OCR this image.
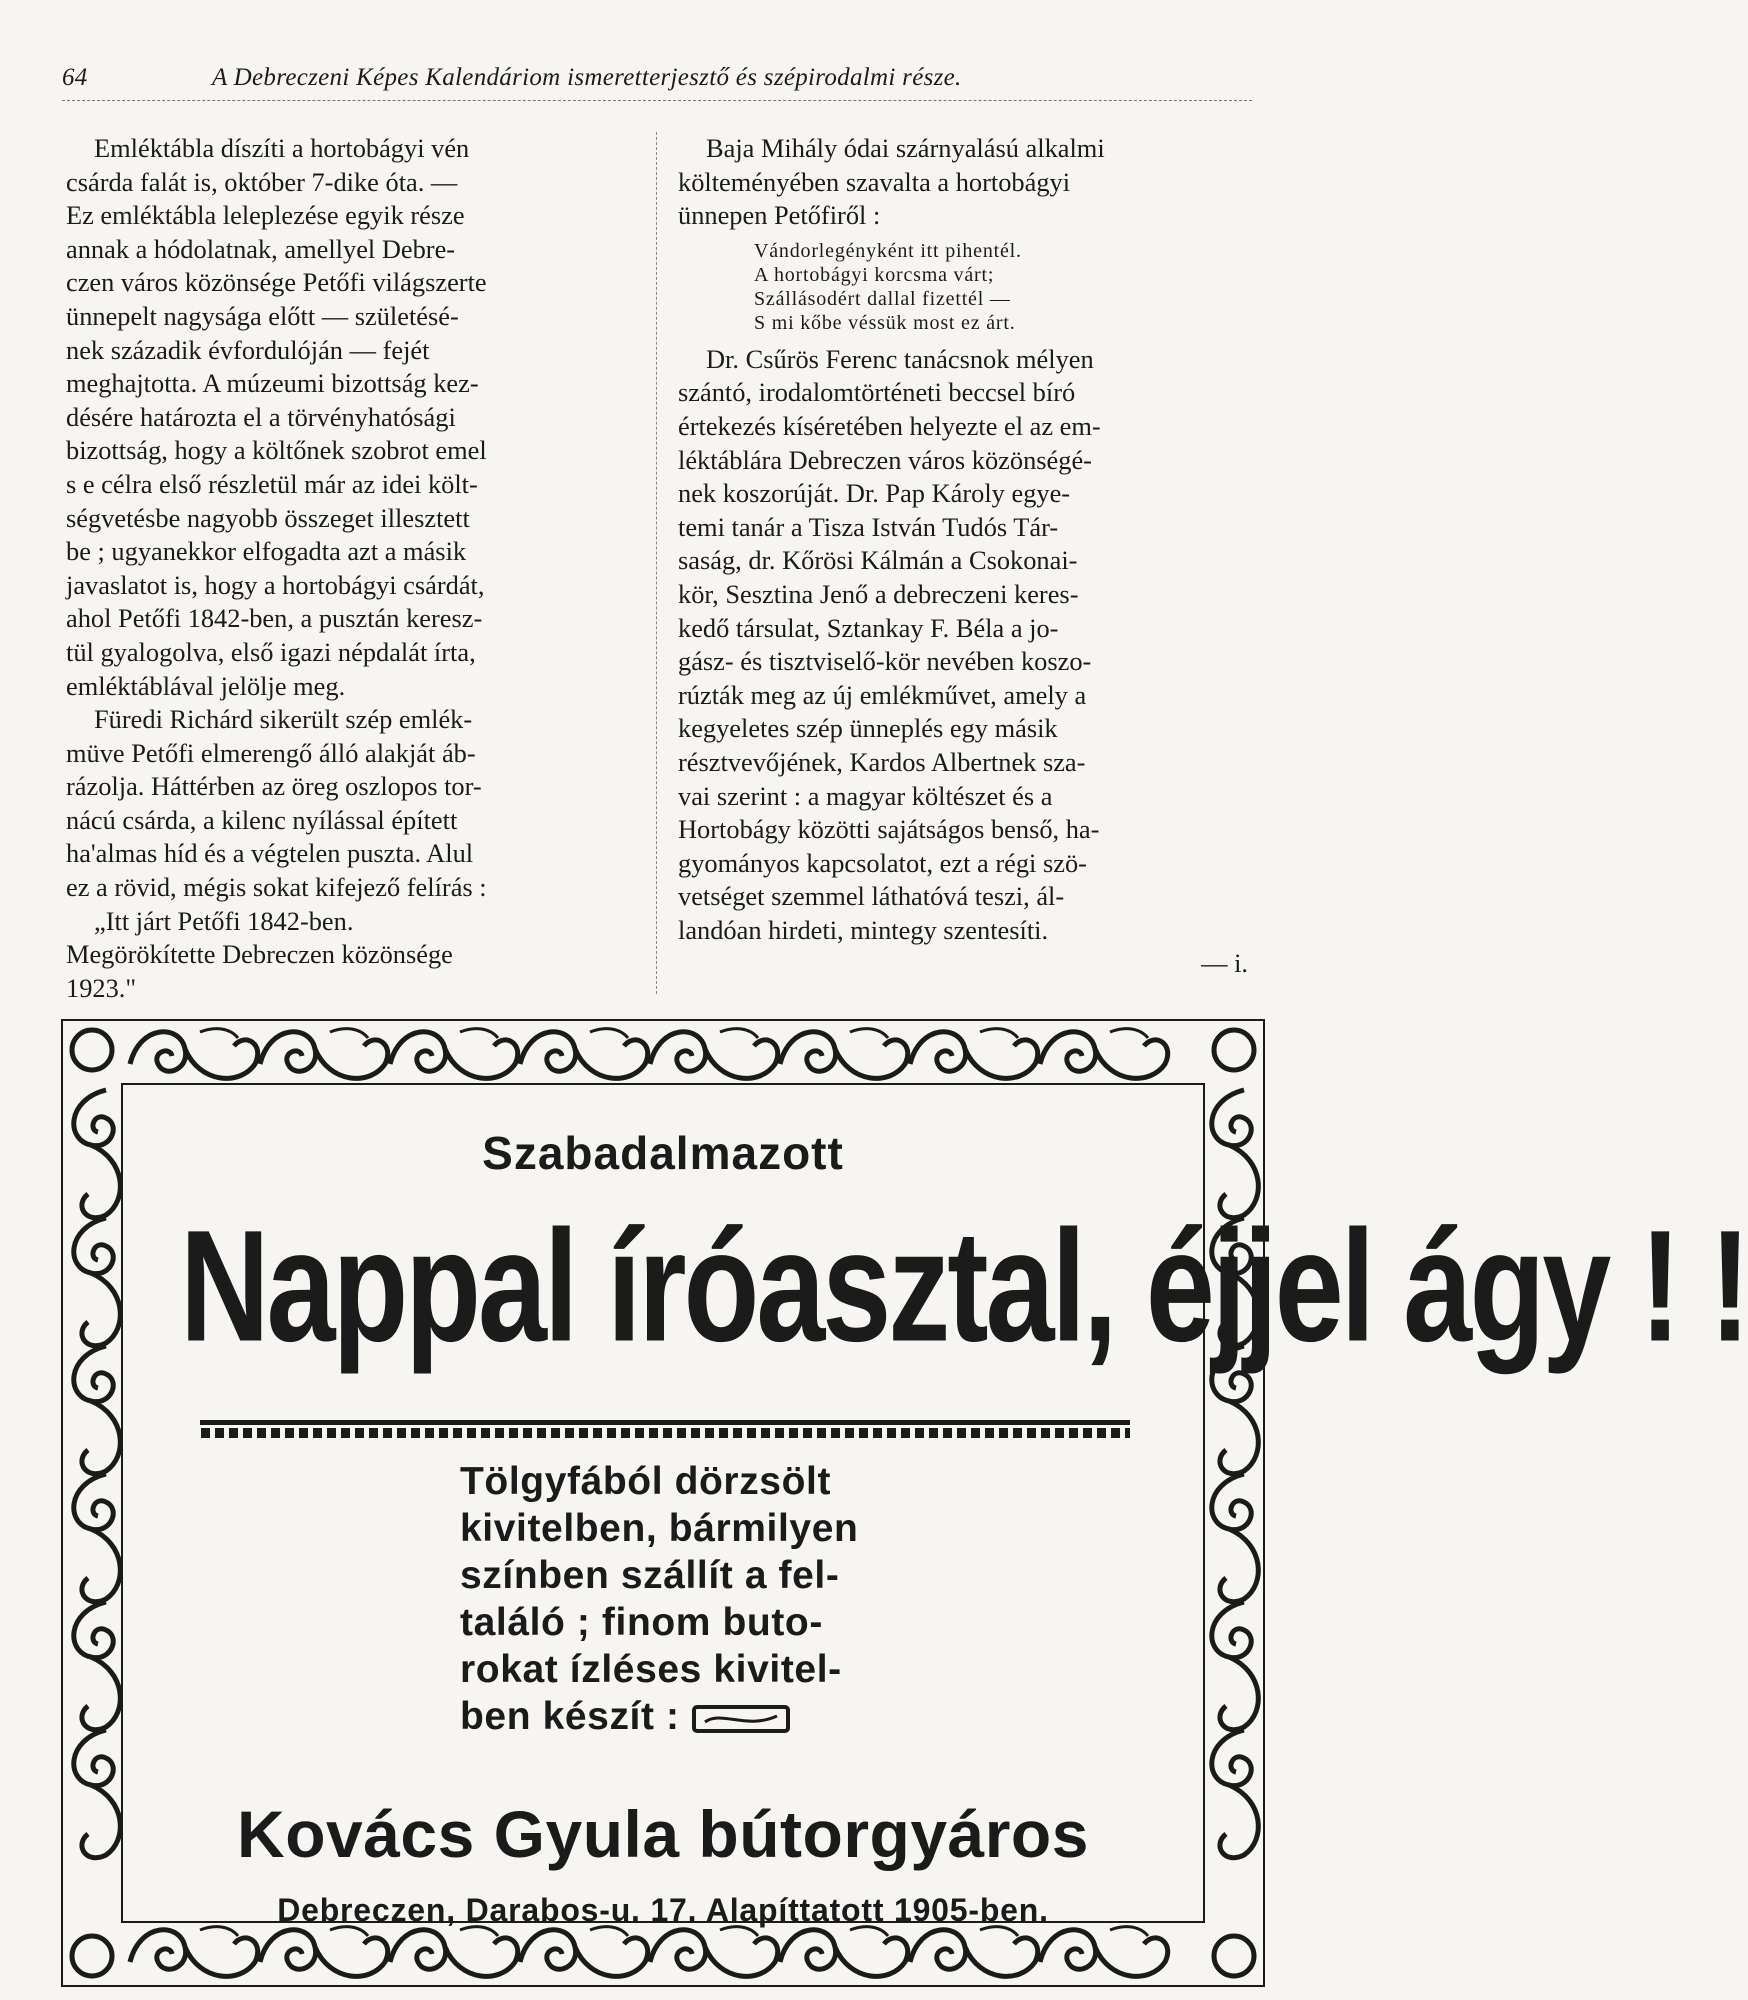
64	A Debreczeni Képes Kalendáriom ismeretterjesztő és szépirodalmi része.

Emléktábla díszíti a hortobágyi vén
csárda falát is, október 7-dike óta. —
Ez emléktábla leleplezése egyik része
annak a hódolatnak, amellyel Debre-
czen város közönsége Petőfi világszerte
ünnepelt nagysága előtt — születésé-
nek századik évfordulóján — fejét
meghajtotta. A múzeumi bizottság kez-
désére határozta el a törvényhatósági
bizottság, hogy a költőnek szobrot emel
s e célra első részletül már az idei költ-
ségvetésbe nagyobb összeget illesztett
be ; ugyanekkor elfogadta azt a másik
javaslatot is, hogy a hortobágyi csárdát,
ahol Petőfi 1842-ben, a pusztán keresz-
tül gyalogolva, első igazi népdalát írta,
emléktáblával jelölje meg.

Füredi Richárd sikerült szép emlék-
müve Petőfi elmerengő álló alakját áb-
rázolja. Háttérben az öreg oszlopos tor-
nácú csárda, a kilenc nyílással épített
ha'almas híd és a végtelen puszta. Alul
ez a rövid, mégis sokat kifejező felírás :
„Itt járt Petőfi 1842-ben.
Megörökítette Debreczen közönsége
1923."

Baja Mihály ódai szárnyalású alkalmi
költeményében szavalta a hortobágyi
ünnepen Petőfiről :

Vándorlegényként itt pihentél.
A hortobágyi korcsma várt;
Szállásodért dallal fizettél —
S mi kőbe véssük most ez árt.

Dr. Csűrös Ferenc tanácsnok mélyen
szántó, irodalomtörténeti beccsel bíró
értekezés kíséretében helyezte el az em-
léktáblára Debreczen város közönségé-
nek koszorúját. Dr. Pap Károly egye-
temi tanár a Tisza István Tudós Tár-
saság, dr. Kőrösi Kálmán a Csokonai-
kör, Sesztina Jenő a debreczeni keres-
kedő társulat, Sztankay F. Béla a jo-
gász- és tisztviselő-kör nevében koszo-
rúzták meg az új emlékművet, amely a
kegyeletes szép ünneplés egy másik
résztvevőjének, Kardos Albertnek sza-
vai szerint : a magyar költészet és a
Hortobágy közötti sajátságos benső, ha-
gyományos kapcsolatot, ezt a régi szö-
vetséget szemmel láthatóvá teszi, ál-
landóan hirdeti, mintegy szentesíti.
— i.

Szabadalmazott
Nappal íróasztal, éjjel ágy ! !
Tölgyfából dörzsölt
kivitelben, bármilyen
színben szállít a fel-
találó ; finom buto-
rokat ízléses kivitel-
ben készít :
Kovács Gyula bútorgyáros
Debreczen, Darabos-u. 17. Alapíttatott 1905-ben.
